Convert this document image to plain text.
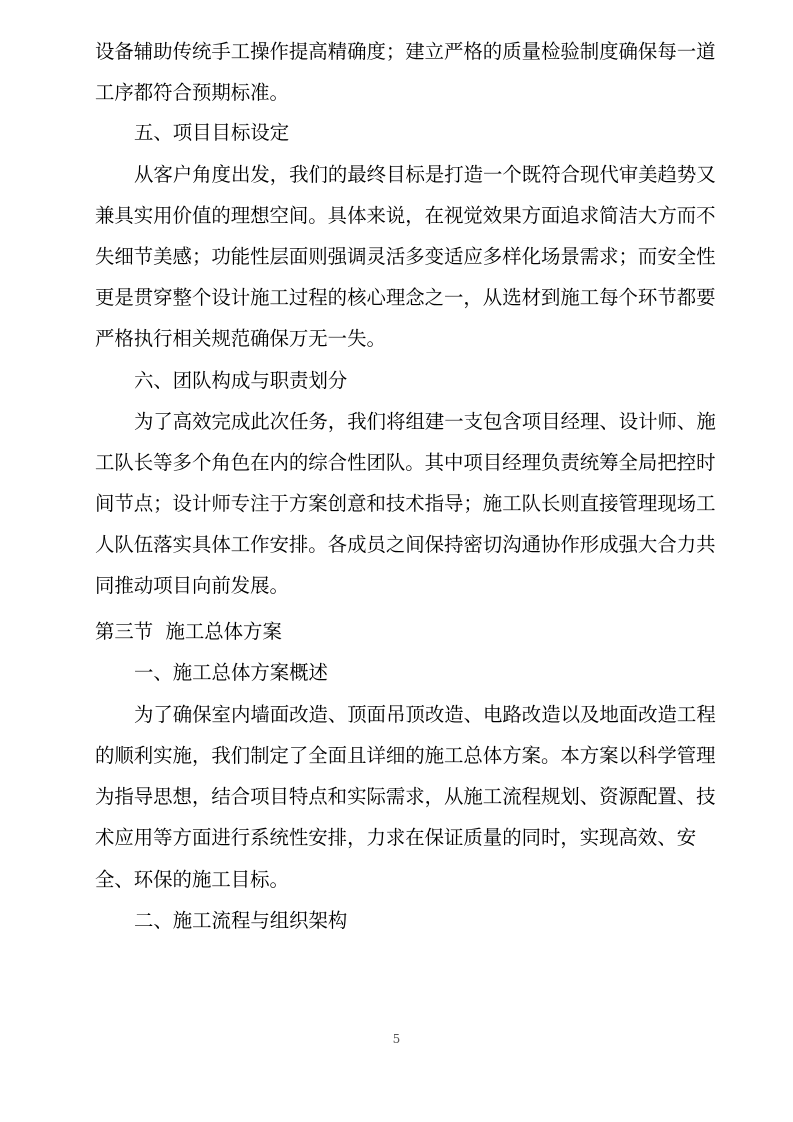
设备辅助传统手工操作提高精确度；建立严格的质量检验制度确保每一道
工序都符合预期标准。
五、项目目标设定
从客户角度出发，我们的最终目标是打造一个既符合现代审美趋势又
兼具实用价值的理想空间。具体来说，在视觉效果方面追求简洁大方而不
失细节美感；功能性层面则强调灵活多变适应多样化场景需求；而安全性
更是贯穿整个设计施工过程的核心理念之一，从选材到施工每个环节都要
严格执行相关规范确保万无一失。
六、团队构成与职责划分
为了高效完成此次任务，我们将组建一支包含项目经理、设计师、施
工队长等多个角色在内的综合性团队。其中项目经理负责统筹全局把控时
间节点；设计师专注于方案创意和技术指导；施工队长则直接管理现场工
人队伍落实具体工作安排。各成员之间保持密切沟通协作形成强大合力共
同推动项目向前发展。
第三节  施工总体方案
一、施工总体方案概述
为了确保室内墙面改造、顶面吊顶改造、电路改造以及地面改造工程
的顺利实施，我们制定了全面且详细的施工总体方案。本方案以科学管理
为指导思想，结合项目特点和实际需求，从施工流程规划、资源配置、技
术应用等方面进行系统性安排，力求在保证质量的同时，实现高效、安
全、环保的施工目标。
二、施工流程与组织架构
5
